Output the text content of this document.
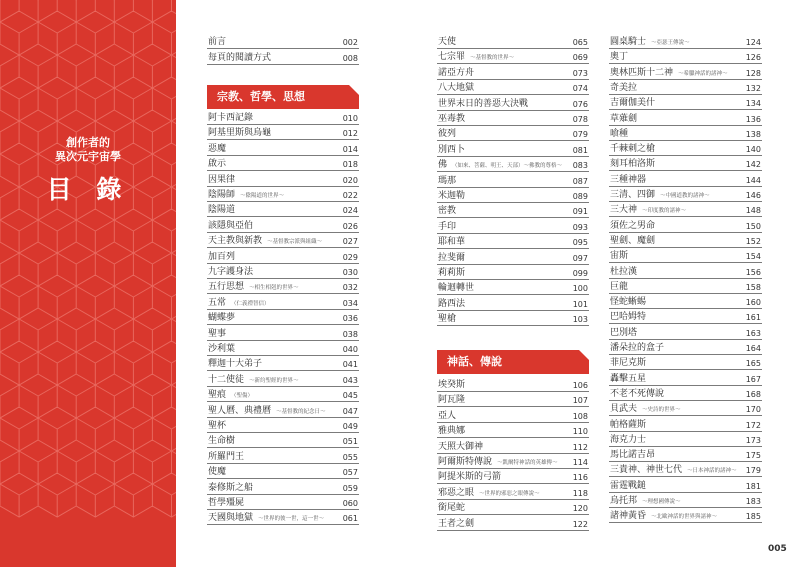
創作者的
異次元宇宙學
目 錄
前言	002
每頁的閱讀方式	008
宗教、哲學、思想
阿卡西記錄	010
阿基里斯與烏龜	012
惡魔	014
啟示	018
因果律	020
陰陽師 ～陰陽道的世界～	022
陰陽道	024
該隱與亞伯	026
天主教與新教 ～基督教宗派與組織～	027
加百列	029
九字護身法	030
五行思想 ～相生相剋的世界～	032
五常 （仁義禮智信）	034
蝴蝶夢	036
聖事	038
沙利葉	040
釋迦十大弟子	041
十二使徒 ～新約聖經的世界～	043
聖痕 （聖傷）	045
聖人曆、典禮曆 ～基督教的紀念日～ 047
聖杯	049
生命樹	051
所羅門王	055
使魔	057
泰修斯之船	059
哲學殭屍	060
天國與地獄 ～世界的彼一世，這一世～ 061
天使	065
七宗罪 ～基督教的世界～	069
諾亞方舟	073
八大地獄	074
世界末日的善惡大決戰	076
巫毒教	078
彼列	079
別西卜	081
佛 （如來、菩薩、明王、天部）～佛教的尊格～ 083
瑪那	087
米迦勒	089
密教	091
手印	093
耶和華	095
拉斐爾	097
莉莉斯	099
輪迴轉世	100
路西法	101
聖槍	103
神話、傳說
埃癸斯	106
阿瓦隆	107
亞人	108
雅典娜	110
天照大御神	112
阿爾斯特傳說 ～凱爾特神話的英雄傳～ 114
阿提米斯的弓箭	116
邪惡之眼 ～世界的邪惡之眼傳說～	118
銜尾蛇	120
王者之劍	122
圓桌騎士 ～亞瑟王傳說～	124
奧丁	126
奧林匹斯十二神 ～希臘神話的諸神～ 128
奇美拉	132
吉爾伽美什	134
草薙劍	136
喰種	138
千棘刺之槍	140
刻耳柏洛斯	142
三種神器	144
三清、四御 ～中國道教的諸神～	146
三大神 ～印度教的諸神～	148
須佐之男命	150
聖劍、魔劍	152
宙斯	154
杜拉漢	156
巨龍	158
怪蛇蜥蜴	160
巴哈姆特	161
巴別塔	163
潘朵拉的盒子	164
菲尼克斯	165
轟擊五星	167
不老不死傳說	168
貝武夫 ～史詩的世界～	170
帕格薩斯	172
海克力士	173
馬比諾吉昂	175
三貴神、神世七代 ～日本神話的諸神～ 179
雷霆戰鎚	181
烏托邦 ～理想國傳說～	183
諸神黃昏 ～北歐神話的世界與諸神～	185
005
